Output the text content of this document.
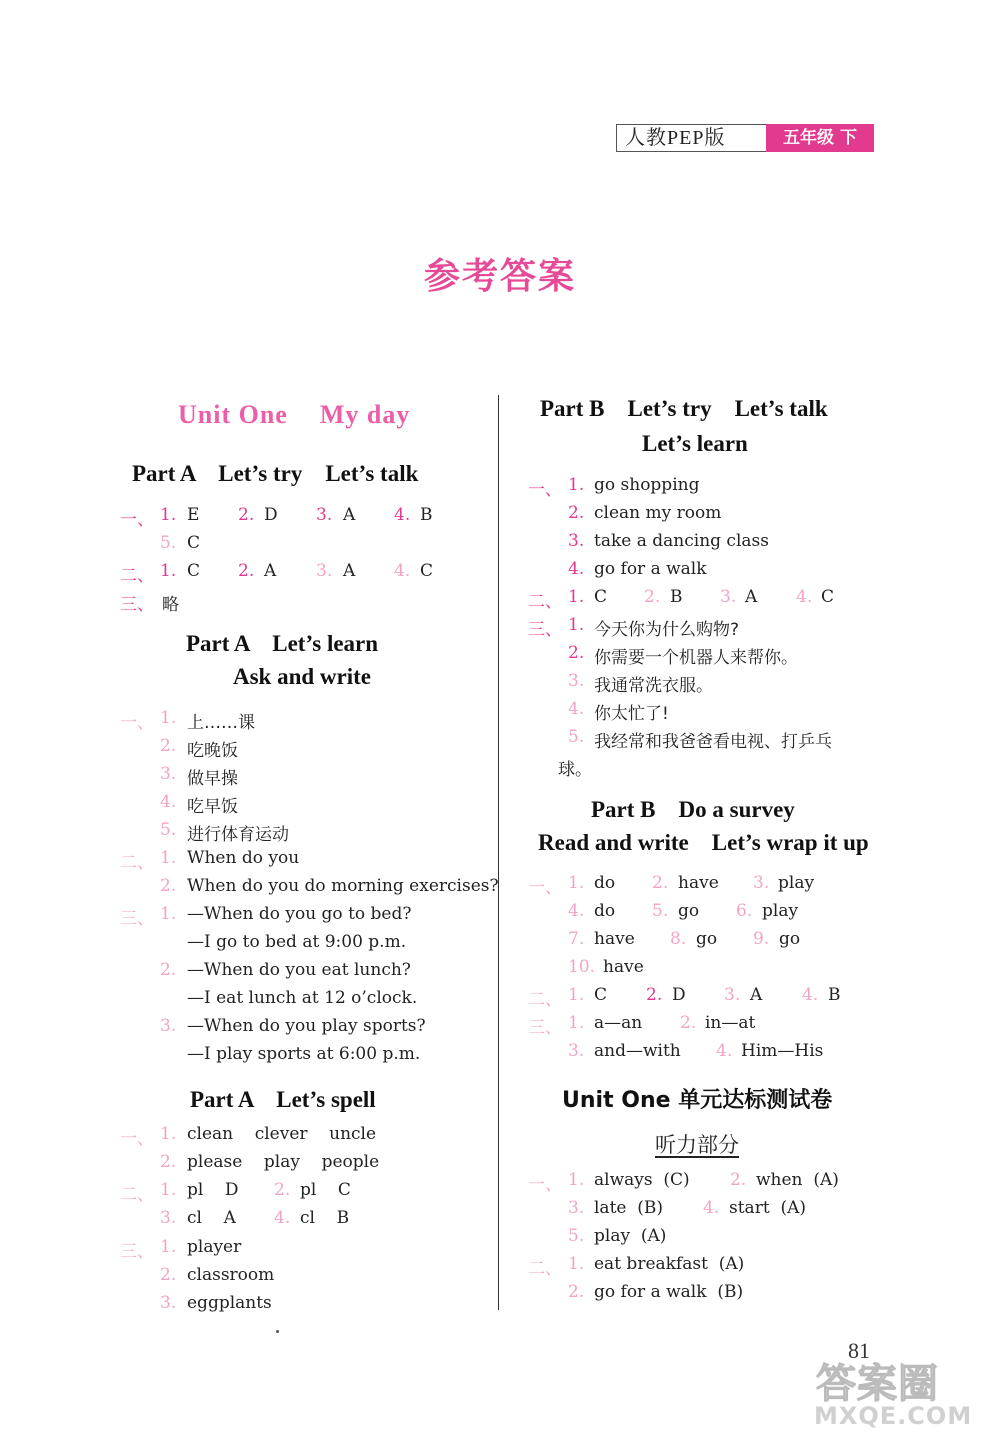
人教PEP版	五年级 下
参考答案
Unit One My day
Part A    Let’s try    Let’s talk
一、 1. E 2. D 3. A 4. B
5. C
二、 1. C 2. A 3. A 4. C
三、 略
Part A    Let’s learn
Ask and write
一、 1. 上……课
2. 吃晚饭
3. 做早操
4. 吃早饭
5. 进行体育运动
二、 1. When do you
2. When do you do morning exercises?
三、 1. —When do you go to bed?
—I go to bed at 9:00 p.m.
2. —When do you eat lunch?
—I eat lunch at 12 o’clock.
3. —When do you play sports?
—I play sports at 6:00 p.m.
Part A    Let’s spell
一、 1. clean    clever    uncle
2. please    play    people
二、 1. pl    D 2. pl    C
3. cl    A 4. cl    B
三、 1. player
2. classroom
3. eggplants
Part B    Let’s try    Let’s talk
Let’s learn
一、 1. go shopping
2. clean my room
3. take a dancing class
4. go for a walk
二、 1. C 2. B 3. A 4. C
三、 1. 今天你为什么购物?
2. 你需要一个机器人来帮你。
3. 我通常洗衣服。
4. 你太忙了!
5. 我经常和我爸爸看电视、打乒乓
球。
Part B    Do a survey
Read and write    Let’s wrap it up
一、 1. do 2. have 3. play
4. do 5. go 6. play
7. have 8. go 9. go
10. have
二、 1. C 2. D 3. A 4. B
三、 1. a—an 2. in—at
3. and—with 4. Him—His
Unit One 单元达标测试卷
听力部分
一、 1. always  (C) 2. when  (A)
3. late  (B) 4. start  (A)
5. play  (A)
二、 1. eat breakfast  (A)
2. go for a walk  (B)
81
答案圈
MXQE.COM
